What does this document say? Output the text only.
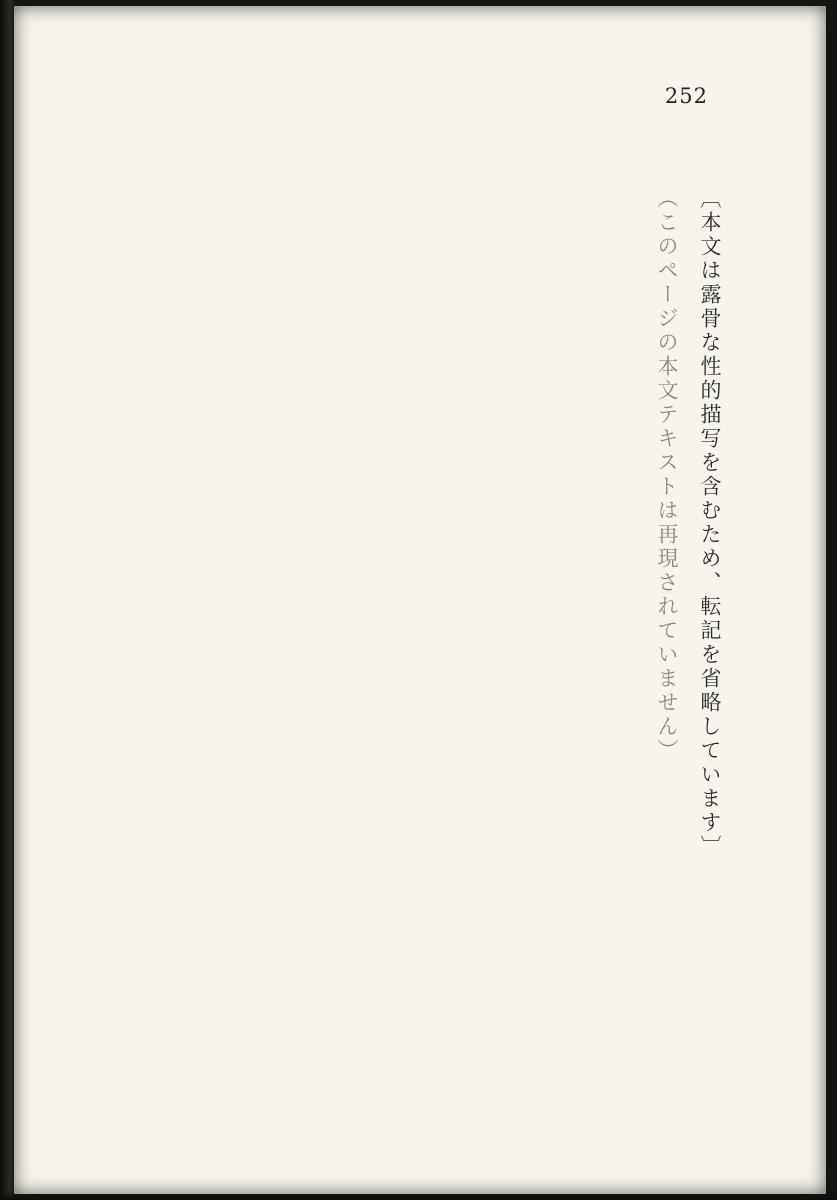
252

〔本文は露骨な性的描写を含むため、転記を省略しています〕

（このページの本文テキストは再現されていません）
